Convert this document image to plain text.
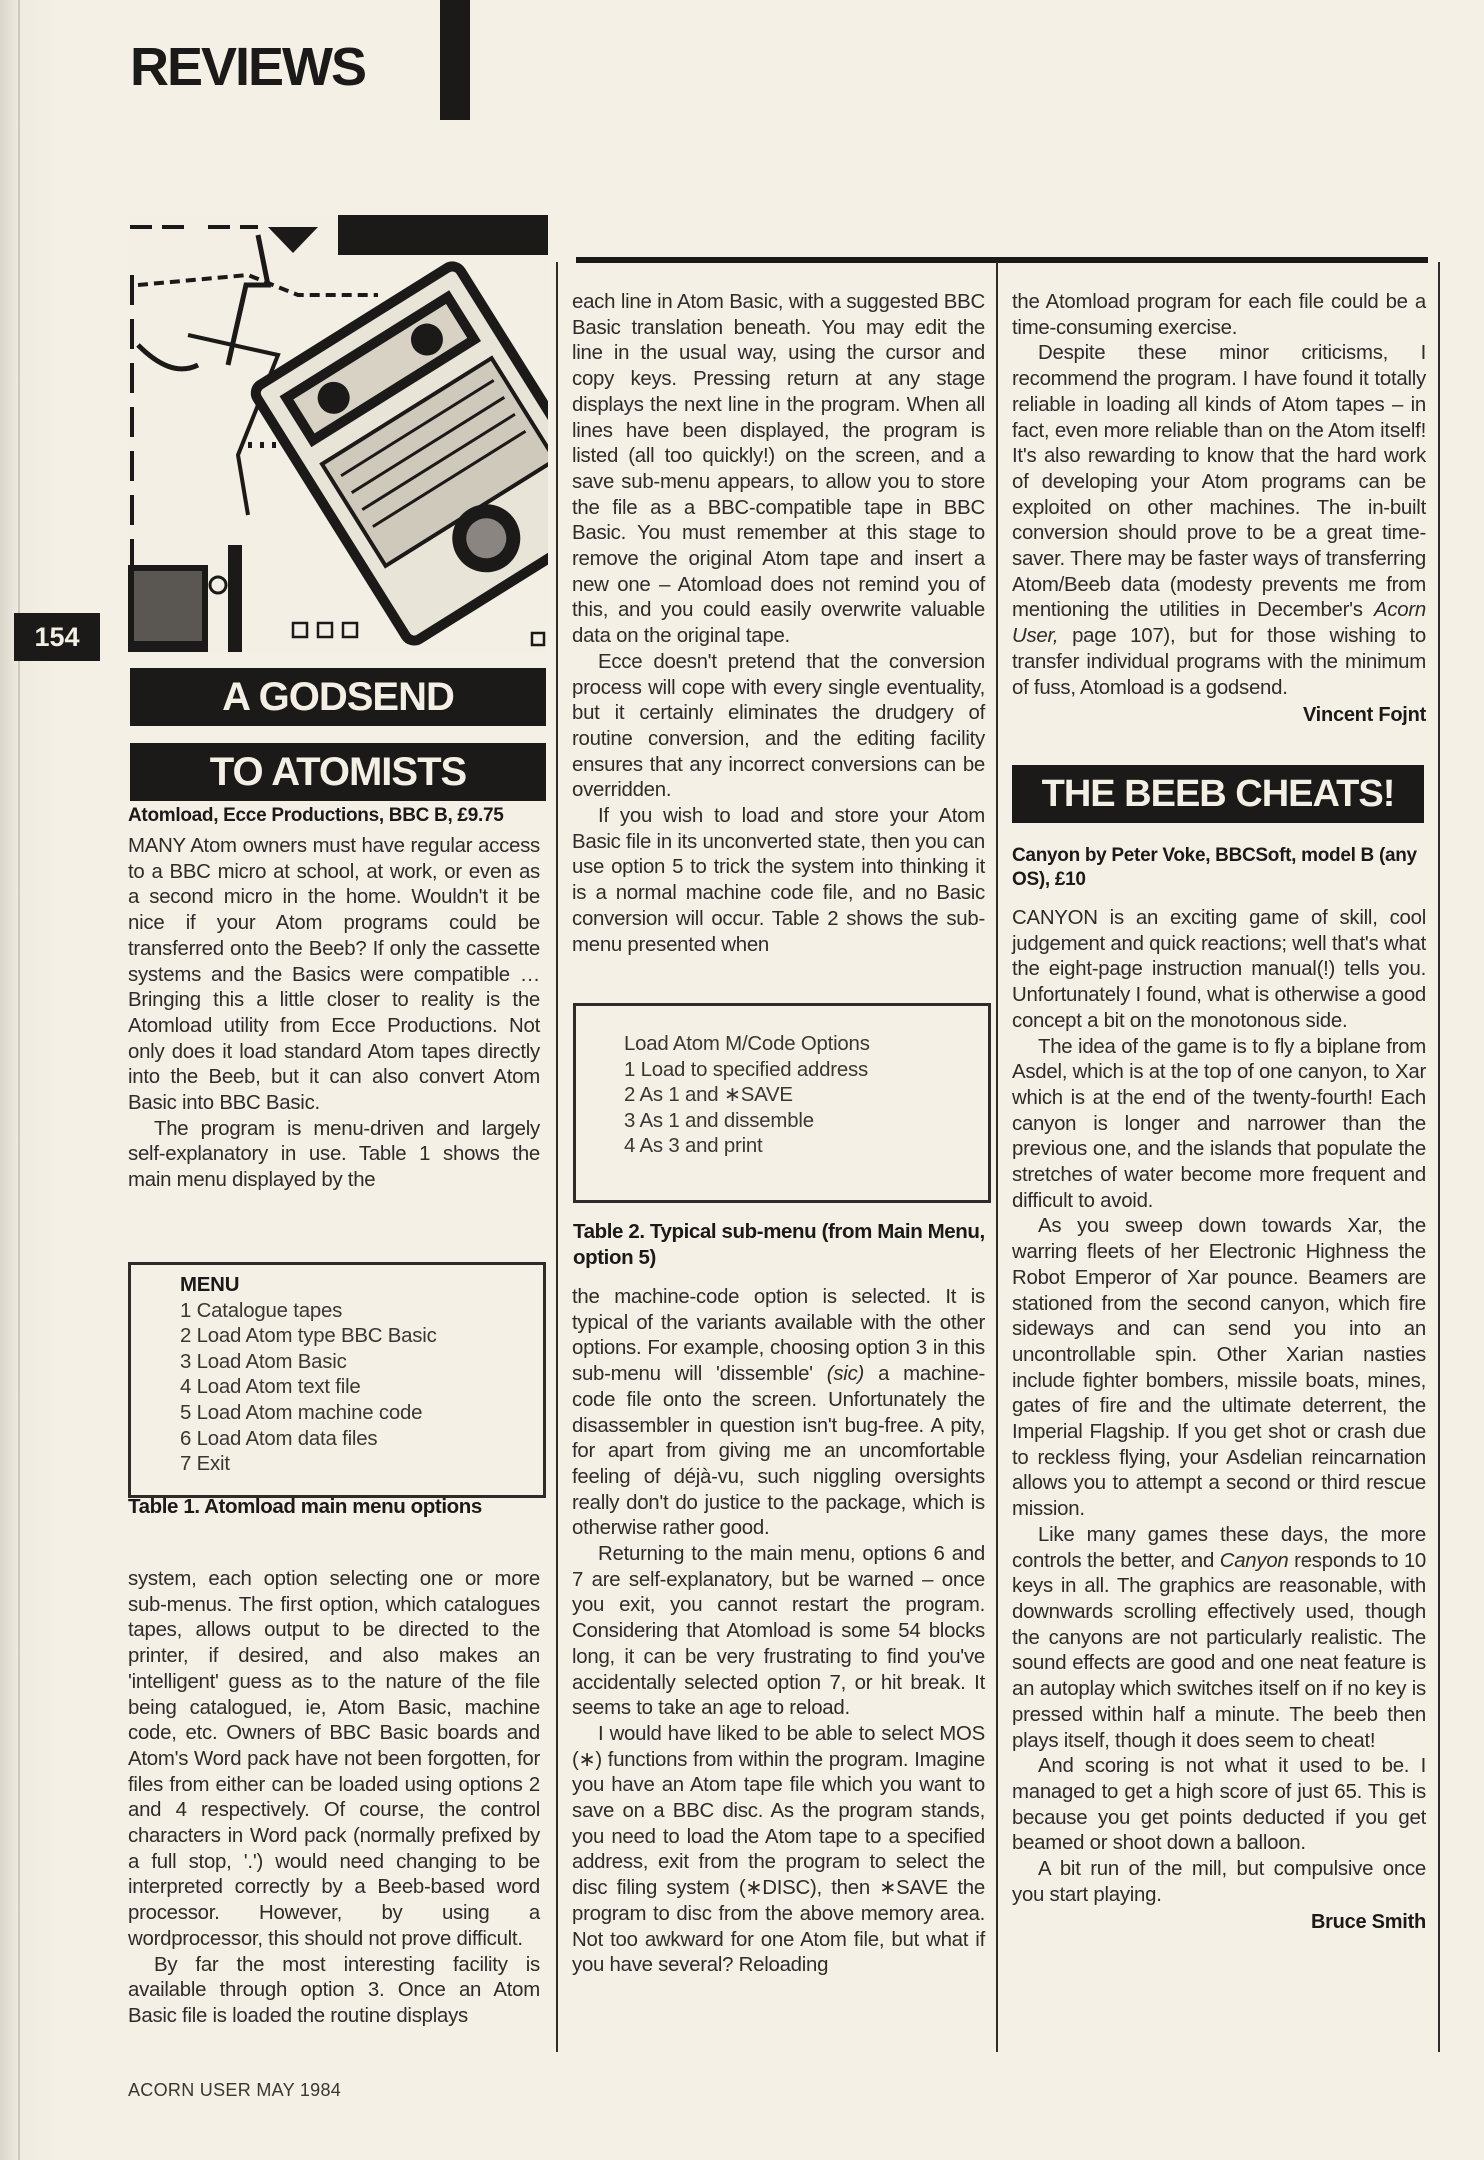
REVIEWS
154
A GODSEND
TO ATOMISTS
Atomload, Ecce Productions, BBC B, £9.75

MANY Atom owners must have regular access to a BBC micro at school, at work, or even as a second micro in the home. Wouldn't it be nice if your Atom programs could be transferred onto the Beeb? If only the cassette systems and the Basics were compatible … Bringing this a little closer to reality is the Atomload utility from Ecce Productions. Not only does it load standard Atom tapes directly into the Beeb, but it can also convert Atom Basic into BBC Basic.

The program is menu-driven and largely self-explanatory in use. Table 1 shows the main menu displayed by the

MENU
1 Catalogue tapes
2 Load Atom type BBC Basic
3 Load Atom Basic
4 Load Atom text file
5 Load Atom machine code
6 Load Atom data files
7 Exit
Table 1. Atomload main menu options

system, each option selecting one or more sub-menus. The first option, which catalogues tapes, allows output to be directed to the printer, if desired, and also makes an 'intelligent' guess as to the nature of the file being catalogued, ie, Atom Basic, machine code, etc. Owners of BBC Basic boards and Atom's Word pack have not been forgotten, for files from either can be loaded using options 2 and 4 respectively. Of course, the control characters in Word pack (normally prefixed by a full stop, '.') would need changing to be interpreted correctly by a Beeb-based word processor. However, by using a wordprocessor, this should not prove difficult.

By far the most interesting facility is available through option 3. Once an Atom Basic file is loaded the routine displays

each line in Atom Basic, with a suggested BBC Basic translation beneath. You may edit the line in the usual way, using the cursor and copy keys. Pressing return at any stage displays the next line in the program. When all lines have been displayed, the program is listed (all too quickly!) on the screen, and a save sub-menu appears, to allow you to store the file as a BBC-compatible tape in BBC Basic. You must remember at this stage to remove the original Atom tape and insert a new one – Atomload does not remind you of this, and you could easily overwrite valuable data on the original tape.

Ecce doesn't pretend that the conversion process will cope with every single eventuality, but it certainly eliminates the drudgery of routine conversion, and the editing facility ensures that any incorrect conversions can be overridden.

If you wish to load and store your Atom Basic file in its unconverted state, then you can use option 5 to trick the system into thinking it is a normal machine code file, and no Basic conversion will occur. Table 2 shows the sub-menu presented when

Load Atom M/Code Options
1 Load to specified address
2 As 1 and ∗SAVE
3 As 1 and dissemble
4 As 3 and print
Table 2. Typical sub-menu (from Main Menu, option 5)

the machine-code option is selected. It is typical of the variants available with the other options. For example, choosing option 3 in this sub-menu will 'dissemble' (sic) a machine-code file onto the screen. Unfortunately the disassembler in question isn't bug-free. A pity, for apart from giving me an uncomfortable feeling of déjà-vu, such niggling oversights really don't do justice to the package, which is otherwise rather good.

Returning to the main menu, options 6 and 7 are self-explanatory, but be warned – once you exit, you cannot restart the program. Considering that Atomload is some 54 blocks long, it can be very frustrating to find you've accidentally selected option 7, or hit break. It seems to take an age to reload.

I would have liked to be able to select MOS (∗) functions from within the program. Imagine you have an Atom tape file which you want to save on a BBC disc. As the program stands, you need to load the Atom tape to a specified address, exit from the program to select the disc filing system (∗DISC), then ∗SAVE the program to disc from the above memory area. Not too awkward for one Atom file, but what if you have several? Reloading

the Atomload program for each file could be a time-consuming exercise.

Despite these minor criticisms, I recommend the program. I have found it totally reliable in loading all kinds of Atom tapes – in fact, even more reliable than on the Atom itself! It's also rewarding to know that the hard work of developing your Atom programs can be exploited on other machines. The in-built conversion should prove to be a great time-saver. There may be faster ways of transferring Atom/Beeb data (modesty prevents me from mentioning the utilities in December's Acorn User, page 107), but for those wishing to transfer individual programs with the minimum of fuss, Atomload is a godsend.

Vincent Fojnt
THE BEEB CHEATS!
Canyon by Peter Voke, BBCSoft, model B (any OS), £10

CANYON is an exciting game of skill, cool judgement and quick reactions; well that's what the eight-page instruction manual(!) tells you. Unfortunately I found, what is otherwise a good concept a bit on the monotonous side.

The idea of the game is to fly a biplane from Asdel, which is at the top of one canyon, to Xar which is at the end of the twenty-fourth! Each canyon is longer and narrower than the previous one, and the islands that populate the stretches of water become more frequent and difficult to avoid.

As you sweep down towards Xar, the warring fleets of her Electronic Highness the Robot Emperor of Xar pounce. Beamers are stationed from the second canyon, which fire sideways and can send you into an uncontrollable spin. Other Xarian nasties include fighter bombers, missile boats, mines, gates of fire and the ultimate deterrent, the Imperial Flagship. If you get shot or crash due to reckless flying, your Asdelian reincarnation allows you to attempt a second or third rescue mission.

Like many games these days, the more controls the better, and Canyon responds to 10 keys in all. The graphics are reasonable, with downwards scrolling effectively used, though the canyons are not particularly realistic. The sound effects are good and one neat feature is an autoplay which switches itself on if no key is pressed within half a minute. The beeb then plays itself, though it does seem to cheat!

And scoring is not what it used to be. I managed to get a high score of just 65. This is because you get points deducted if you get beamed or shoot down a balloon.

A bit run of the mill, but compulsive once you start playing.

Bruce Smith
ACORN USER MAY 1984
